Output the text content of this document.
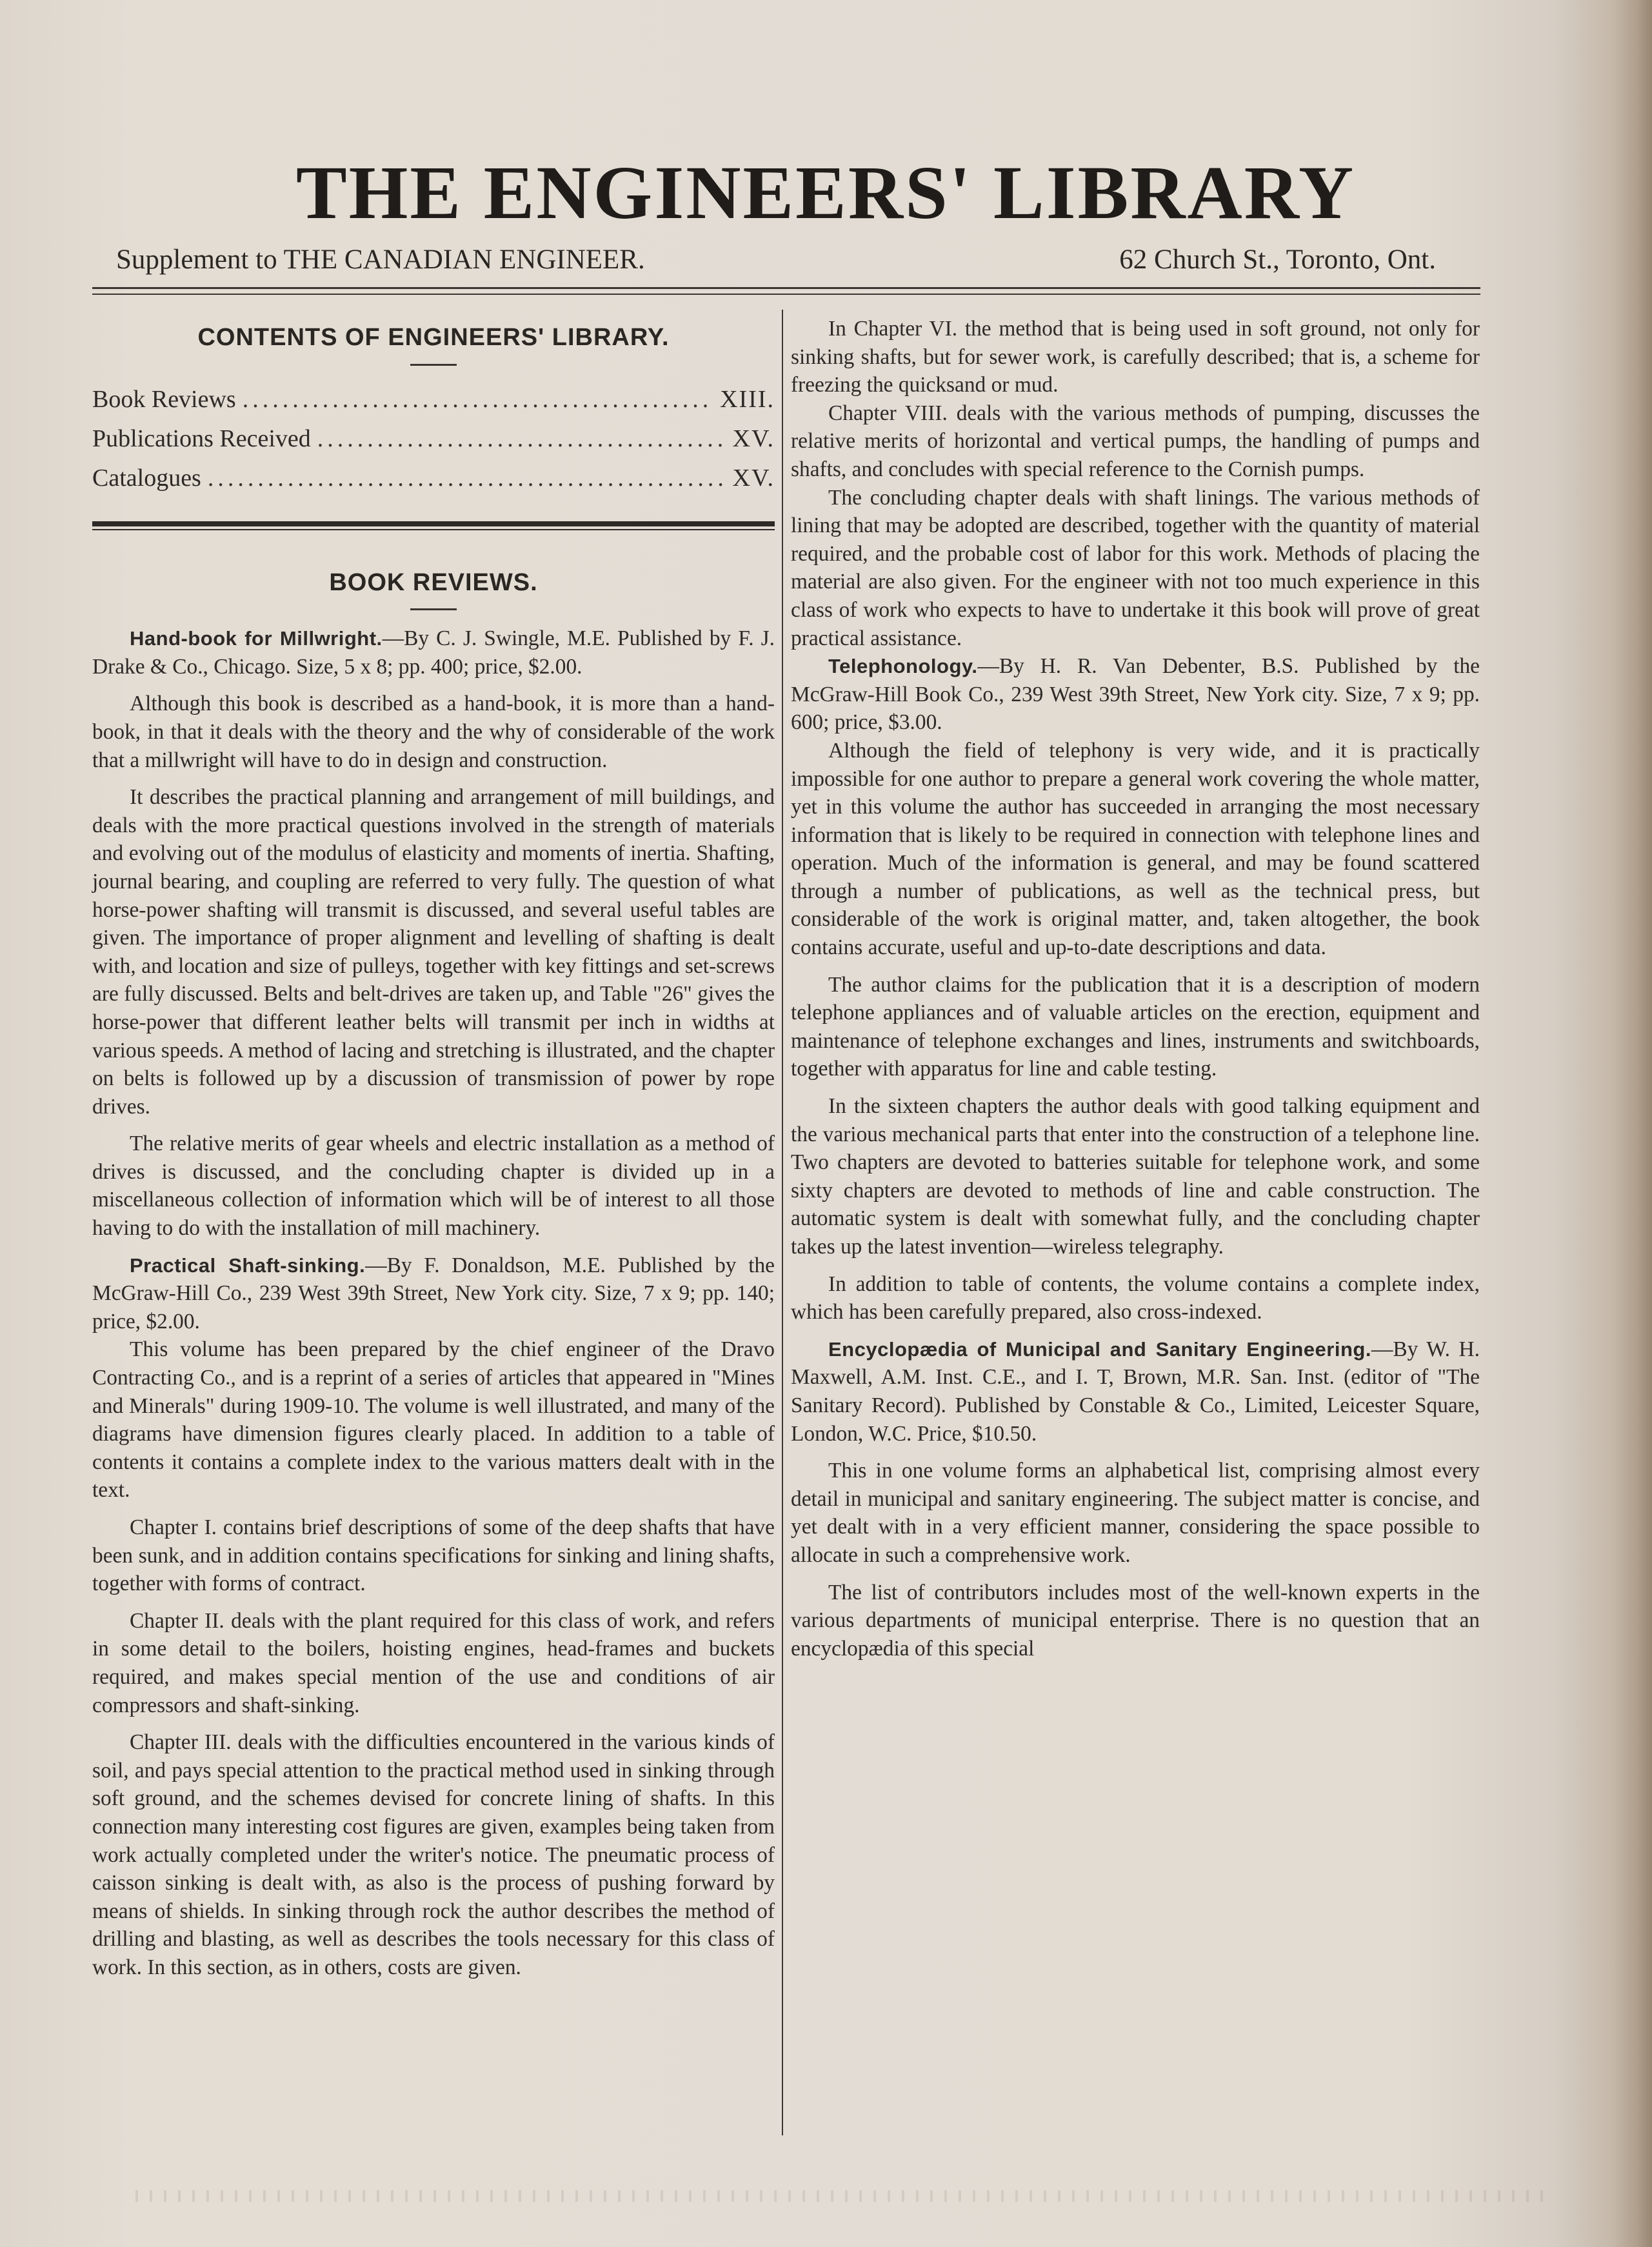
THE ENGINEERS' LIBRARY
Supplement to THE CANADIAN ENGINEER.	62 Church St., Toronto, Ont.
CONTENTS OF ENGINEERS' LIBRARY.
Book Reviews .....	XIII.
Publications Received .....	XV.
Catalogues .....	XV.
BOOK REVIEWS.

Hand-book for Millwright.—By C. J. Swingle, M.E. Published by F. J. Drake & Co., Chicago. Size, 5 x 8; pp. 400; price, $2.00.

Although this book is described as a hand-book, it is more than a hand-book, in that it deals with the theory and the why of considerable of the work that a millwright will have to do in design and construction.

It describes the practical planning and arrangement of mill buildings, and deals with the more practical questions involved in the strength of materials and evolving out of the modulus of elasticity and moments of inertia. Shafting, journal bearing, and coupling are referred to very fully. The question of what horse-power shafting will transmit is discussed, and several useful tables are given. The importance of proper alignment and levelling of shafting is dealt with, and location and size of pulleys, together with key fittings and set-screws are fully discussed. Belts and belt-drives are taken up, and Table "26" gives the horse-power that different leather belts will transmit per inch in widths at various speeds. A method of lacing and stretching is illustrated, and the chapter on belts is followed up by a discussion of transmission of power by rope drives.

The relative merits of gear wheels and electric installation as a method of drives is discussed, and the concluding chapter is divided up in a miscellaneous collection of information which will be of interest to all those having to do with the installation of mill machinery.

Practical Shaft-sinking.—By F. Donaldson, M.E. Published by the McGraw-Hill Co., 239 West 39th Street, New York city. Size, 7 x 9; pp. 140; price, $2.00.

This volume has been prepared by the chief engineer of the Dravo Contracting Co., and is a reprint of a series of articles that appeared in "Mines and Minerals" during 1909-10. The volume is well illustrated, and many of the diagrams have dimension figures clearly placed. In addition to a table of contents it contains a complete index to the various matters dealt with in the text.

Chapter I. contains brief descriptions of some of the deep shafts that have been sunk, and in addition contains specifications for sinking and lining shafts, together with forms of contract.

Chapter II. deals with the plant required for this class of work, and refers in some detail to the boilers, hoisting engines, head-frames and buckets required, and makes special mention of the use and conditions of air compressors and shaft-sinking.

Chapter III. deals with the difficulties encountered in the various kinds of soil, and pays special attention to the practical method used in sinking through soft ground, and the schemes devised for concrete lining of shafts. In this connection many interesting cost figures are given, examples being taken from work actually completed under the writer's notice. The pneumatic process of caisson sinking is dealt with, as also is the process of pushing forward by means of shields. In sinking through rock the author describes the method of drilling and blasting, as well as describes the tools necessary for this class of work. In this section, as in others, costs are given.

In Chapter VI. the method that is being used in soft ground, not only for sinking shafts, but for sewer work, is carefully described; that is, a scheme for freezing the quicksand or mud.

Chapter VIII. deals with the various methods of pumping, discusses the relative merits of horizontal and vertical pumps, the handling of pumps and shafts, and concludes with special reference to the Cornish pumps.

The concluding chapter deals with shaft linings. The various methods of lining that may be adopted are described, together with the quantity of material required, and the probable cost of labor for this work. Methods of placing the material are also given. For the engineer with not too much experience in this class of work who expects to have to undertake it this book will prove of great practical assistance.

Telephonology.—By H. R. Van Debenter, B.S. Published by the McGraw-Hill Book Co., 239 West 39th Street, New York city. Size, 7 x 9; pp. 600; price, $3.00.

Although the field of telephony is very wide, and it is practically impossible for one author to prepare a general work covering the whole matter, yet in this volume the author has succeeded in arranging the most necessary information that is likely to be required in connection with telephone lines and operation. Much of the information is general, and may be found scattered through a number of publications, as well as the technical press, but considerable of the work is original matter, and, taken altogether, the book contains accurate, useful and up-to-date descriptions and data.

The author claims for the publication that it is a description of modern telephone appliances and of valuable articles on the erection, equipment and maintenance of telephone exchanges and lines, instruments and switchboards, together with apparatus for line and cable testing.

In the sixteen chapters the author deals with good talking equipment and the various mechanical parts that enter into the construction of a telephone line. Two chapters are devoted to batteries suitable for telephone work, and some sixty chapters are devoted to methods of line and cable construction. The automatic system is dealt with somewhat fully, and the concluding chapter takes up the latest invention—wireless telegraphy.

In addition to table of contents, the volume contains a complete index, which has been carefully prepared, also cross-indexed.

Encyclopædia of Municipal and Sanitary Engineering.—By W. H. Maxwell, A.M. Inst. C.E., and I. T, Brown, M.R. San. Inst. (editor of "The Sanitary Record). Published by Constable & Co., Limited, Leicester Square, London, W.C. Price, $10.50.

This in one volume forms an alphabetical list, comprising almost every detail in municipal and sanitary engineering. The subject matter is concise, and yet dealt with in a very efficient manner, considering the space possible to allocate in such a comprehensive work.

The list of contributors includes most of the well-known experts in the various departments of municipal enterprise. There is no question that an encyclopædia of this special
